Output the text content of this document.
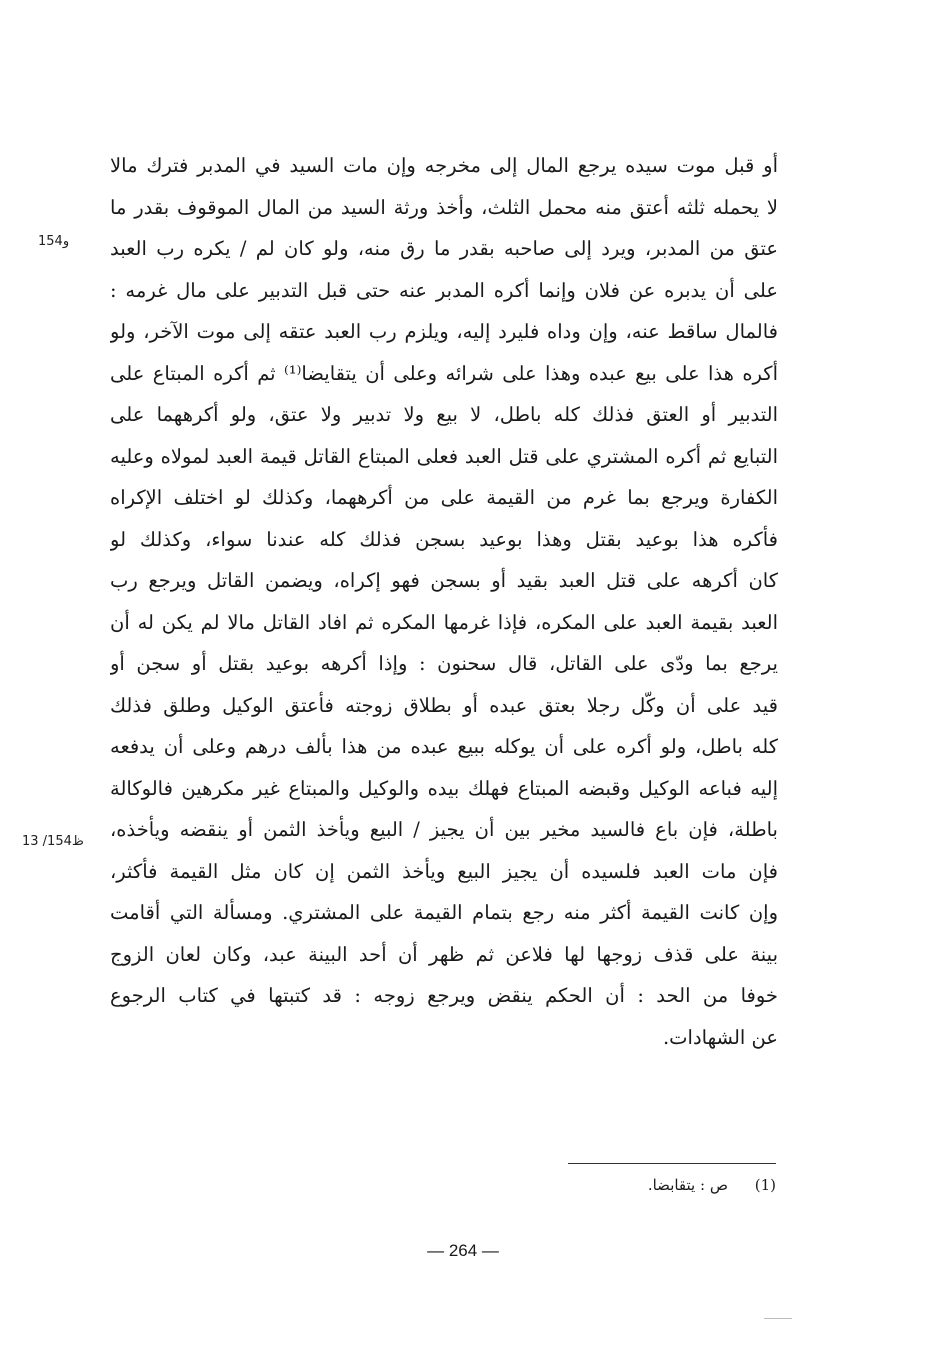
أو قبل موت سيده يرجع المال إلى مخرجه وإن مات السيد في المدبر فترك مالا
لا يحمله ثلثه أعتق منه محمل الثلث، وأخذ ورثة السيد من المال الموقوف بقدر ما
عتق من المدبر، ويرد إلى صاحبه بقدر ما رق منه، ولو كان لم / يكره رب العبد
على أن يدبره عن فلان وإنما أكره المدبر عنه حتى قبل التدبير على مال غرمه :
فالمال ساقط عنه، وإن وداه فليرد إليه، ويلزم رب العبد عتقه إلى موت الآخر، ولو
أكره هذا على بيع عبده وهذا على شرائه وعلى أن يتقايضا⁽¹⁾ ثم أكره المبتاع على
التدبير أو العتق فذلك كله باطل، لا بيع ولا تدبير ولا عتق، ولو أكرههما على
التبايع ثم أكره المشتري على قتل العبد فعلى المبتاع القاتل قيمة العبد لمولاه وعليه
الكفارة ويرجع بما غرم من القيمة على من أكرههما، وكذلك لو اختلف الإكراه
فأكره هذا بوعيد بقتل وهذا بوعيد بسجن فذلك كله عندنا سواء، وكذلك لو
كان أكرهه على قتل العبد بقيد أو بسجن فهو إكراه، ويضمن القاتل ويرجع رب
العبد بقيمة العبد على المكره، فإذا غرمها المكره ثم افاد القاتل مالا لم يكن له أن
يرجع بما ودّى على القاتل، قال سحنون : وإذا أكرهه بوعيد بقتل أو سجن أو
قيد على أن وكّل رجلا بعتق عبده أو بطلاق زوجته فأعتق الوكيل وطلق فذلك
كله باطل، ولو أكره على أن يوكله ببيع عبده من هذا بألف درهم وعلى أن يدفعه
إليه فباعه الوكيل وقبضه المبتاع فهلك بيده والوكيل والمبتاع غير مكرهين فالوكالة
باطلة، فإن باع فالسيد مخير بين أن يجيز / البيع ويأخذ الثمن أو ينقضه ويأخذه،
فإن مات العبد فلسيده أن يجيز البيع ويأخذ الثمن إن كان مثل القيمة فأكثر،
وإن كانت القيمة أكثر منه رجع بتمام القيمة على المشتري. ومسألة التي أقامت
بينة على قذف زوجها لها فلاعن ثم ظهر أن أحد البينة عبد، وكان لعان الزوج
خوفا من الحد : أن الحكم ينقض ويرجع زوجه : قد كتبتها في كتاب الرجوع
عن الشهادات.
154و
13 /154ظ
(1) ص : يتقابضا.
— 264 —
